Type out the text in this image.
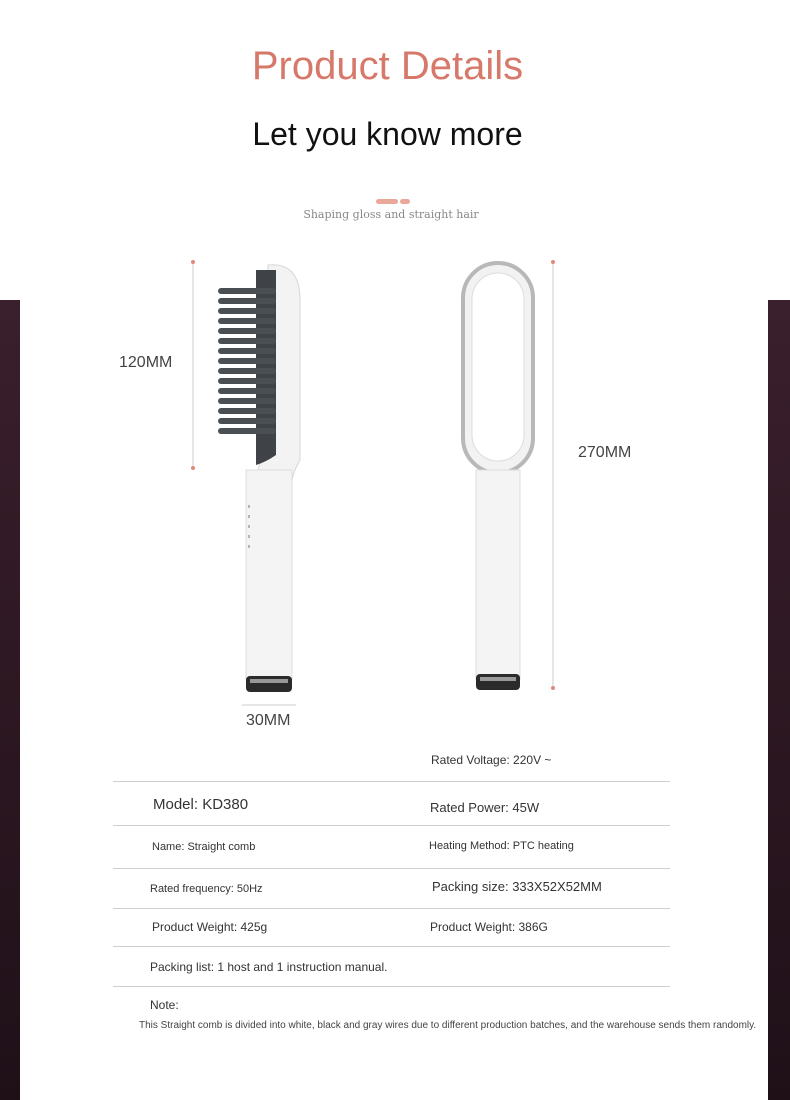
Product Details
Let you know more
Shaping gloss and straight hair
120MM
270MM
30MM
Rated Voltage: 220V ~
Model: KD380	Rated Power: 45W
Name: Straight comb	Heating Method: PTC heating
Rated frequency: 50Hz	Packing size: 333X52X52MM
Product Weight: 425g	Product Weight: 386G
Packing list: 1 host and 1 instruction manual.
Note:
This Straight comb is divided into white, black and gray wires due to different production batches, and the warehouse sends them randomly.
